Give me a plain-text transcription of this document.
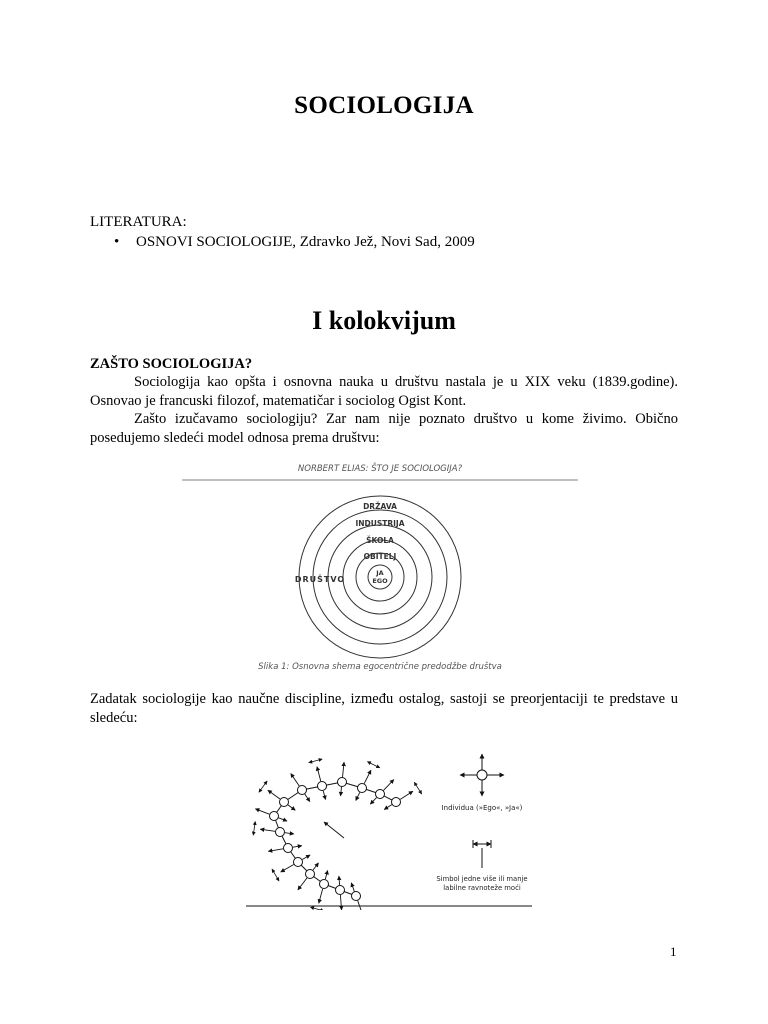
SOCIOLOGIJA
LITERATURA:
• OSNOVI SOCIOLOGIJE, Zdravko Jež, Novi Sad, 2009
I kolokvijum
ZAŠTO SOCIOLOGIJA?

Sociologija kao opšta i osnovna nauka u društvu nastala je u XIX veku (1839.godine). Osnovao je francuski filozof, matematičar i sociolog Ogist Kont.

Zašto izučavamo sociologiju? Zar nam nije poznato društvo u kome živimo. Obično posedujemo sledeći model odnosa prema društvu:

NORBERT ELIAS: ŠTO JE SOCIOLOGIJA?
DRŽAVA
INDUSTRIJA
ŠKOLA
OBITELJ
JA
EGO
DRUŠTVO
Slika 1: Osnovna shema egocentrične predodžbe društva

Zadatak sociologije kao naučne discipline, između ostalog, sastoji se preorjentaciji te predstave u sledeću:

Individua (»Ego«, »Ja«)
Simbol jedne više ili manje
labilne ravnoteže moći
1
